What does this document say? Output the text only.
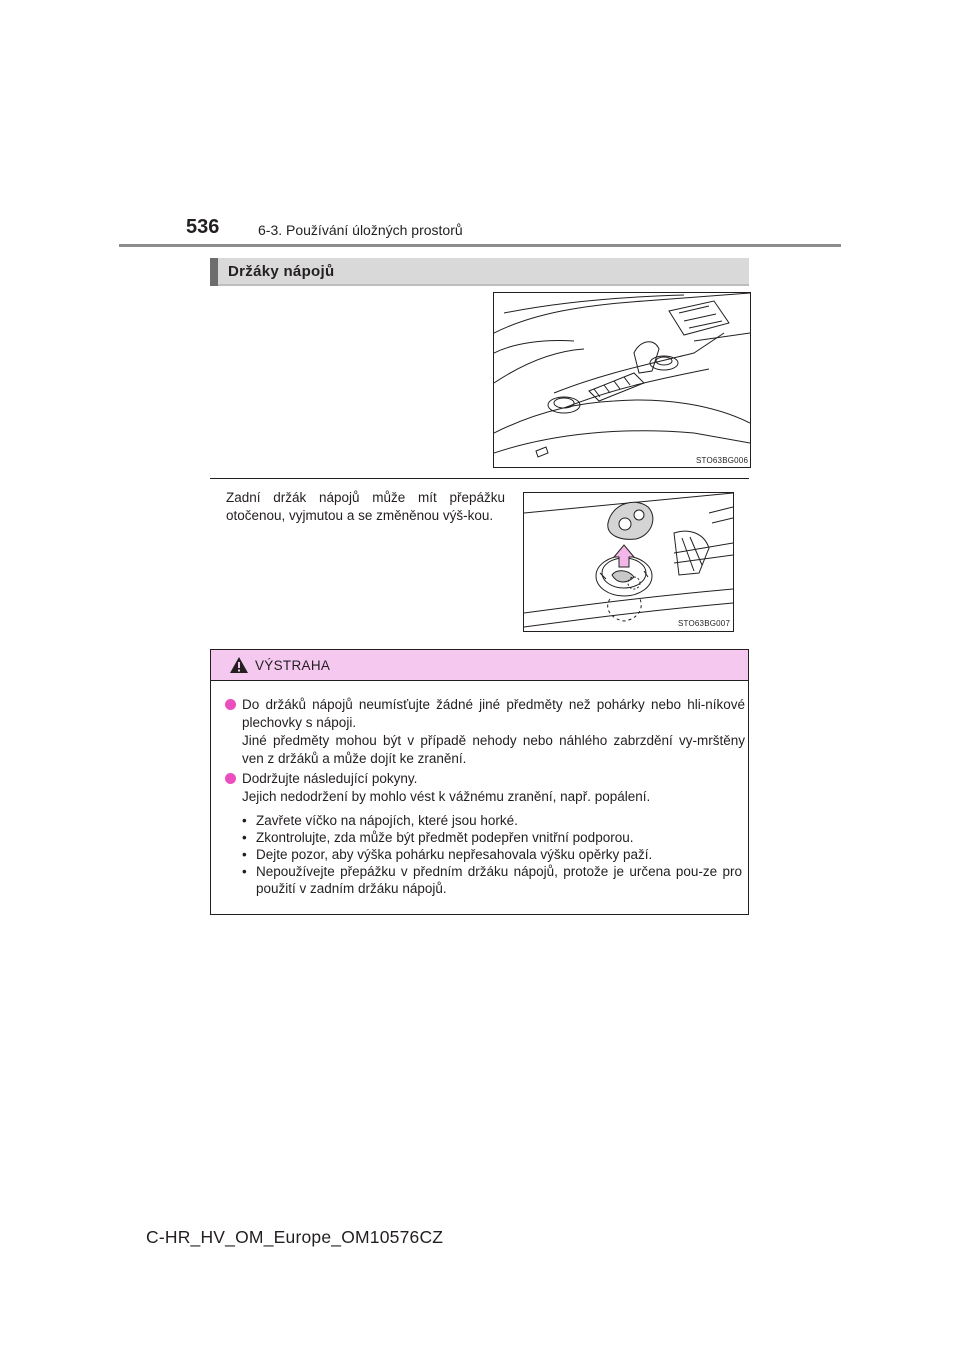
536	6-3. Používání úložných prostorů
Držáky nápojů
STO63BG006
Zadní držák nápojů může mít přepážku otočenou, vyjmutou a se změněnou výš-kou.
STO63BG007
VÝSTRAHA
Do držáků nápojů neumísťujte žádné jiné předměty než pohárky nebo hli-níkové plechovky s nápoji.
Jiné předměty mohou být v případě nehody nebo náhlého zabrzdění vy-mrštěny ven z držáků a může dojít ke zranění.
Dodržujte následující pokyny.
Jejich nedodržení by mohlo vést k vážnému zranění, např. popálení.
• Zavřete víčko na nápojích, které jsou horké.
• Zkontrolujte, zda může být předmět podepřen vnitřní podporou.
• Dejte pozor, aby výška pohárku nepřesahovala výšku opěrky paží.
• Nepoužívejte přepážku v předním držáku nápojů, protože je určena pou-ze pro použití v zadním držáku nápojů.
C-HR_HV_OM_Europe_OM10576CZ
